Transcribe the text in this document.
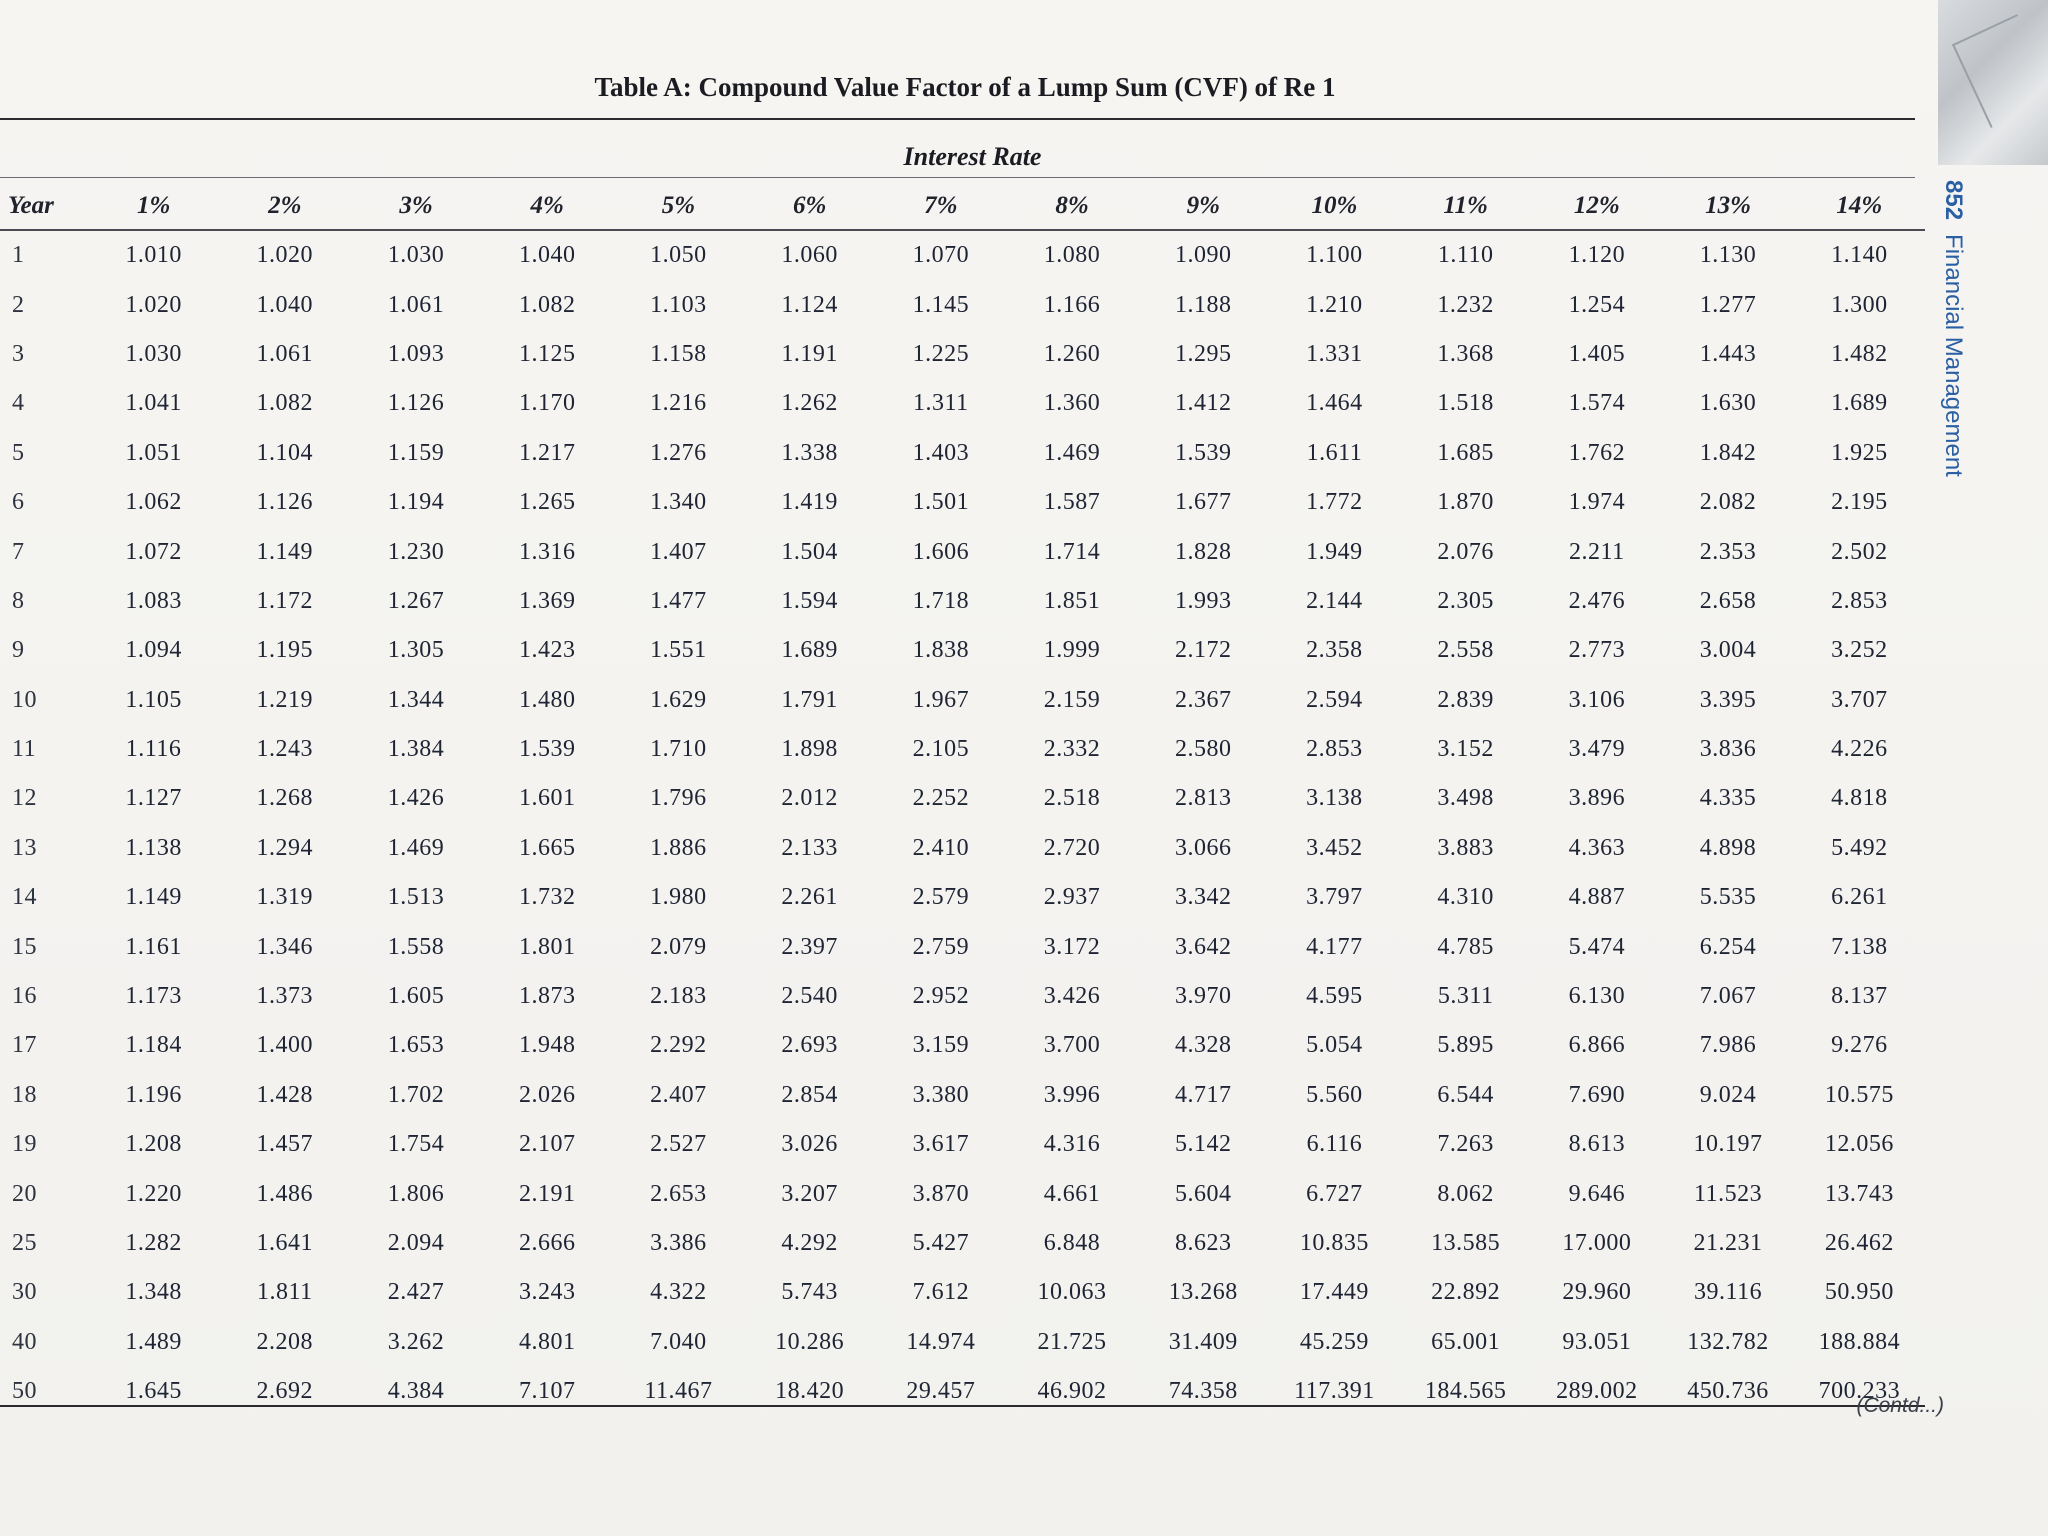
Table A: Compound Value Factor of a Lump Sum (CVF) of Re 1
Interest Rate
Year	1%	2%	3%	4%	5%	6%	7%	8%	9%	10%	11%	12%	13%	14%
1	1.010	1.020	1.030	1.040	1.050	1.060	1.070	1.080	1.090	1.100	1.110	1.120	1.130	1.140
2	1.020	1.040	1.061	1.082	1.103	1.124	1.145	1.166	1.188	1.210	1.232	1.254	1.277	1.300
3	1.030	1.061	1.093	1.125	1.158	1.191	1.225	1.260	1.295	1.331	1.368	1.405	1.443	1.482
4	1.041	1.082	1.126	1.170	1.216	1.262	1.311	1.360	1.412	1.464	1.518	1.574	1.630	1.689
5	1.051	1.104	1.159	1.217	1.276	1.338	1.403	1.469	1.539	1.611	1.685	1.762	1.842	1.925
6	1.062	1.126	1.194	1.265	1.340	1.419	1.501	1.587	1.677	1.772	1.870	1.974	2.082	2.195
7	1.072	1.149	1.230	1.316	1.407	1.504	1.606	1.714	1.828	1.949	2.076	2.211	2.353	2.502
8	1.083	1.172	1.267	1.369	1.477	1.594	1.718	1.851	1.993	2.144	2.305	2.476	2.658	2.853
9	1.094	1.195	1.305	1.423	1.551	1.689	1.838	1.999	2.172	2.358	2.558	2.773	3.004	3.252
10	1.105	1.219	1.344	1.480	1.629	1.791	1.967	2.159	2.367	2.594	2.839	3.106	3.395	3.707
11	1.116	1.243	1.384	1.539	1.710	1.898	2.105	2.332	2.580	2.853	3.152	3.479	3.836	4.226
12	1.127	1.268	1.426	1.601	1.796	2.012	2.252	2.518	2.813	3.138	3.498	3.896	4.335	4.818
13	1.138	1.294	1.469	1.665	1.886	2.133	2.410	2.720	3.066	3.452	3.883	4.363	4.898	5.492
14	1.149	1.319	1.513	1.732	1.980	2.261	2.579	2.937	3.342	3.797	4.310	4.887	5.535	6.261
15	1.161	1.346	1.558	1.801	2.079	2.397	2.759	3.172	3.642	4.177	4.785	5.474	6.254	7.138
16	1.173	1.373	1.605	1.873	2.183	2.540	2.952	3.426	3.970	4.595	5.311	6.130	7.067	8.137
17	1.184	1.400	1.653	1.948	2.292	2.693	3.159	3.700	4.328	5.054	5.895	6.866	7.986	9.276
18	1.196	1.428	1.702	2.026	2.407	2.854	3.380	3.996	4.717	5.560	6.544	7.690	9.024	10.575
19	1.208	1.457	1.754	2.107	2.527	3.026	3.617	4.316	5.142	6.116	7.263	8.613	10.197	12.056
20	1.220	1.486	1.806	2.191	2.653	3.207	3.870	4.661	5.604	6.727	8.062	9.646	11.523	13.743
25	1.282	1.641	2.094	2.666	3.386	4.292	5.427	6.848	8.623	10.835	13.585	17.000	21.231	26.462
30	1.348	1.811	2.427	3.243	4.322	5.743	7.612	10.063	13.268	17.449	22.892	29.960	39.116	50.950
40	1.489	2.208	3.262	4.801	7.040	10.286	14.974	21.725	31.409	45.259	65.001	93.051	132.782	188.884
50	1.645	2.692	4.384	7.107	11.467	18.420	29.457	46.902	74.358	117.391	184.565	289.002	450.736	700.233
852Financial Management
(Contd...)
